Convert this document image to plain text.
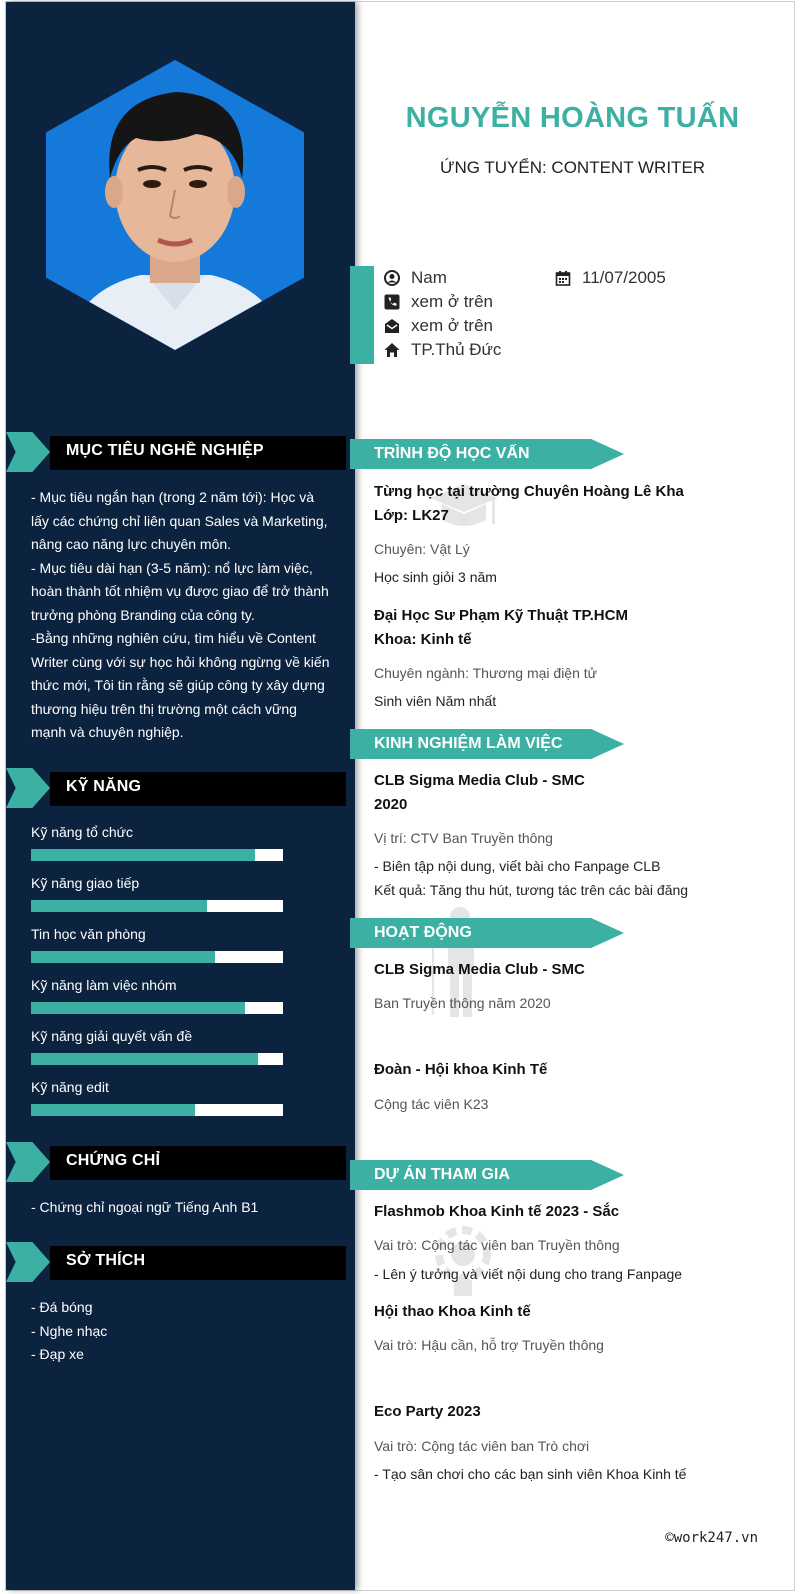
MỤC TIÊU NGHỀ NGHIỆP
- Mục tiêu ngắn hạn (trong 2 năm tới): Học và lấy các chứng chỉ liên quan Sales và Marketing, nâng cao năng lực chuyên môn.
- Mục tiêu dài hạn (3-5 năm): nổ lực làm việc, hoàn thành tốt nhiệm vụ được giao để trở thành trưởng phòng Branding của công ty.
-Bằng những nghiên cứu, tìm hiểu về Content Writer cùng với sự học hỏi không ngừng về kiến thức mới, Tôi tin rằng sẽ giúp công ty xây dựng thương hiệu trên thị trường một cách vững mạnh và chuyên nghiệp.
KỸ NĂNG
Kỹ năng tổ chức
Kỹ năng giao tiếp
Tin học văn phòng
Kỹ năng làm việc nhóm
Kỹ năng giải quyết vấn đề
Kỹ năng edit
CHỨNG CHỈ
- Chứng chỉ ngoại ngữ Tiếng Anh B1
SỞ THÍCH
- Đá bóng
- Nghe nhạc
- Đạp xe
NGUYỄN HOÀNG TUẤN
ỨNG TUYỂN: CONTENT WRITER
Nam	11/07/2005
xem ở trên
xem ở trên
TP.Thủ Đức
TRÌNH ĐỘ HỌC VẤN
Từng học tại trường Chuyên Hoàng Lê Kha
Lớp: LK27
Chuyên: Vật Lý
Học sinh giỏi 3 năm
Đại Học Sư Phạm Kỹ Thuật TP.HCM
Khoa: Kinh tế
Chuyên ngành: Thương mại điện tử
Sinh viên Năm nhất
KINH NGHIỆM LÀM VIỆC
CLB Sigma Media Club - SMC
2020
Vị trí: CTV Ban Truyền thông
- Biên tập nội dung, viết bài cho Fanpage CLB
Kết quả: Tăng thu hút, tương tác trên các bài đăng
HOẠT ĐỘNG
CLB Sigma Media Club - SMC
Ban Truyền thông năm 2020
Đoàn - Hội khoa Kinh Tế
Cộng tác viên K23
DỰ ÁN THAM GIA
Flashmob Khoa Kinh tế 2023 - Sắc
Vai trò: Cộng tác viên ban Truyền thông
- Lên ý tưởng và viết nội dung cho trang Fanpage
Hội thao Khoa Kinh tế
Vai trò: Hậu cần, hỗ trợ Truyền thông
Eco Party 2023
Vai trò: Cộng tác viên ban Trò chơi
- Tạo sân chơi cho các bạn sinh viên Khoa Kinh tế
©work247.vn
